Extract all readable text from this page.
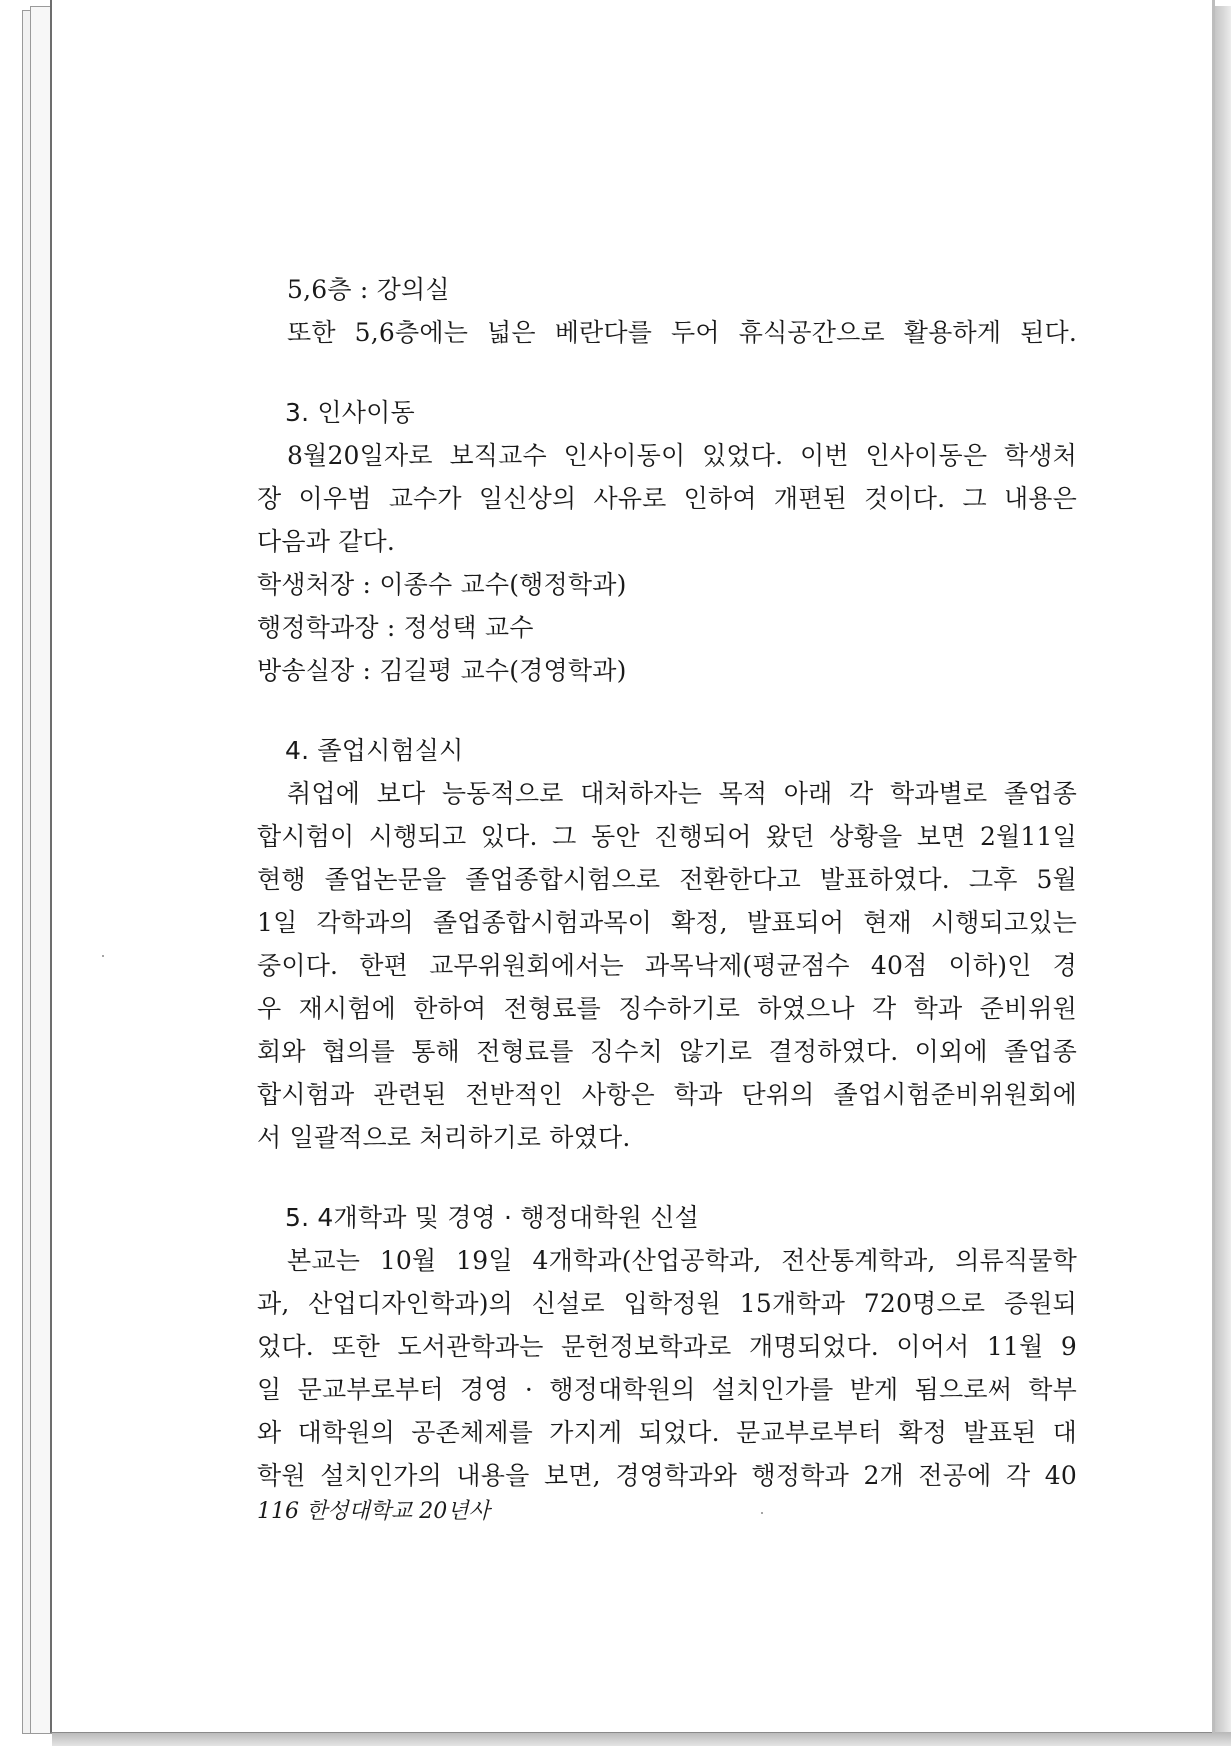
5,6층 : 강의실
또한 5,6층에는 넓은 베란다를 두어 휴식공간으로 활용하게 된다.
3. 인사이동
8월20일자로 보직교수 인사이동이 있었다. 이번 인사이동은 학생처
장 이우범 교수가 일신상의 사유로 인하여 개편된 것이다. 그 내용은
다음과 같다.
학생처장 : 이종수 교수(행정학과)
행정학과장 : 정성택 교수
방송실장 : 김길평 교수(경영학과)
4. 졸업시험실시
취업에 보다 능동적으로 대처하자는 목적 아래 각 학과별로 졸업종
합시험이 시행되고 있다. 그 동안 진행되어 왔던 상황을 보면 2월11일
현행 졸업논문을 졸업종합시험으로 전환한다고 발표하였다. 그후 5월
1일 각학과의 졸업종합시험과목이 확정, 발표되어 현재 시행되고있는
중이다. 한편 교무위원회에서는 과목낙제(평균점수 40점 이하)인 경
우 재시험에 한하여 전형료를 징수하기로 하였으나 각 학과 준비위원
회와 협의를 통해 전형료를 징수치 않기로 결정하였다. 이외에 졸업종
합시험과 관련된 전반적인 사항은 학과 단위의 졸업시험준비위원회에
서 일괄적으로 처리하기로 하였다.
5. 4개학과 및 경영 · 행정대학원 신설
본교는 10월 19일 4개학과(산업공학과, 전산통계학과, 의류직물학
과, 산업디자인학과)의 신설로 입학정원 15개학과 720명으로 증원되
었다. 또한 도서관학과는 문헌정보학과로 개명되었다. 이어서 11월 9
일 문교부로부터 경영 · 행정대학원의 설치인가를 받게 됨으로써 학부
와 대학원의 공존체제를 가지게 되었다. 문교부로부터 확정 발표된 대
학원 설치인가의 내용을 보면, 경영학과와 행정학과 2개 전공에 각 40
116 한성대학교 20년사
